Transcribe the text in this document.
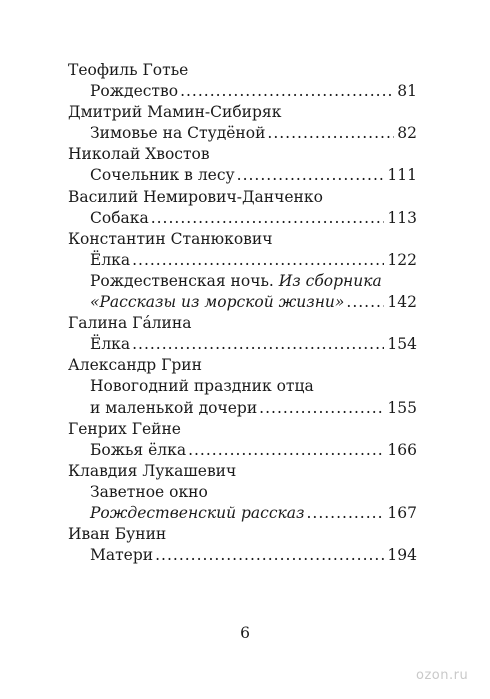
Теофиль Готье
Рождество .....	81
Дмитрий Мамин-Сибиряк
Зимовье на Студёной .....	82
Николай Хвостов
Сочельник в лесу .....	111
Василий Немирович-Данченко
Собака .....	113
Константин Станюкович
Ёлка .....	122
Рождественская ночь. Из сборника
«Рассказы из морской жизни» .....	142
Галина Га́лина
Ёлка .....	154
Александр Грин
Новогодний праздник отца
и маленькой дочери .....	155
Генрих Гейне
Божья ёлка .....	166
Клавдия Лукашевич
Заветное окно
Рождественский рассказ .....	167
Иван Бунин
Матери .....	194
6
ozon.ru
